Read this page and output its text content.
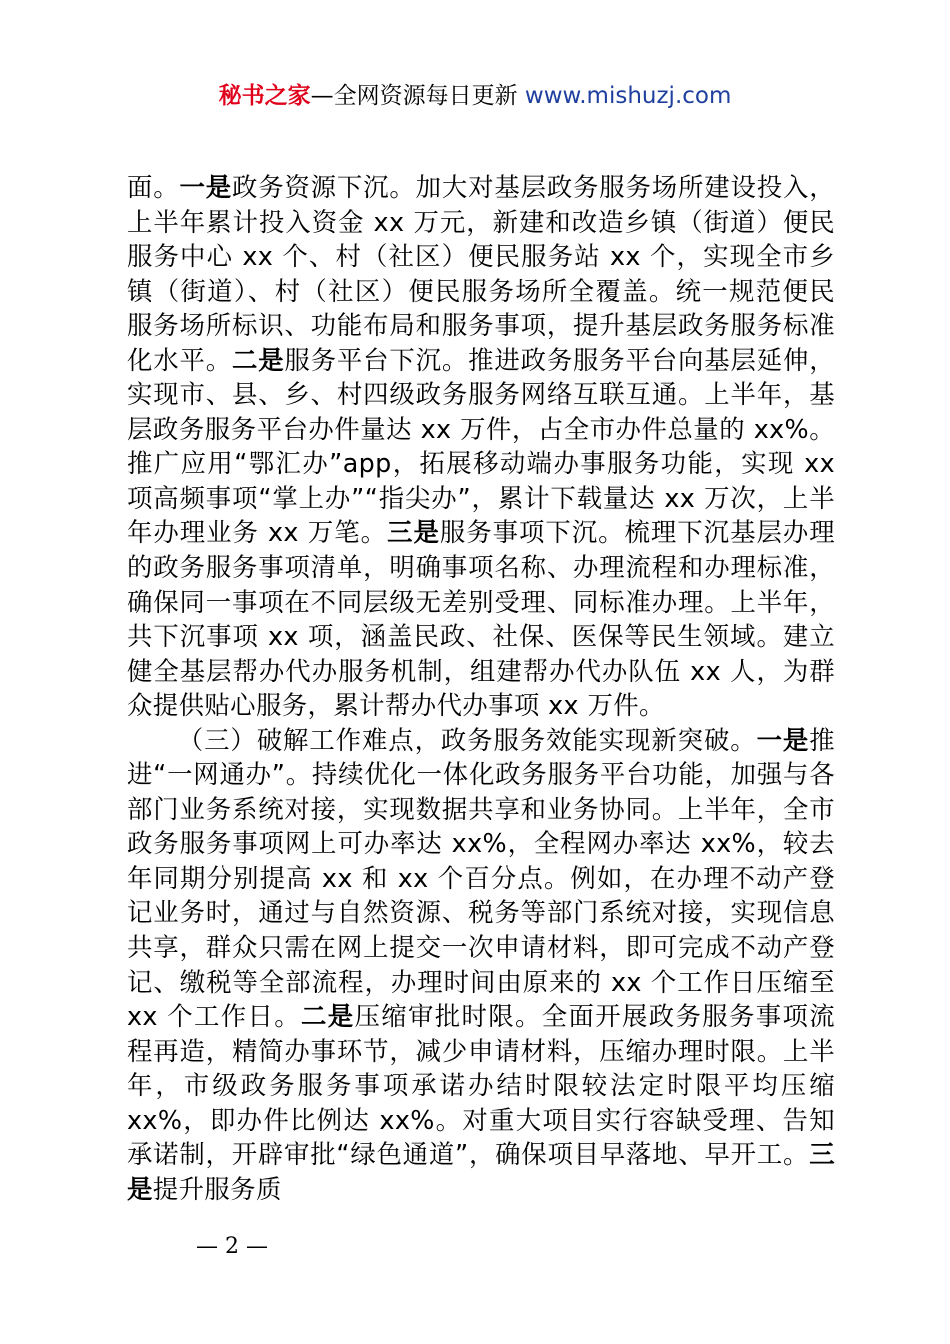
秘书之家—全网资源每日更新 www.mishuzj.com

面。一是政务资源下沉。加大对基层政务服务场所建设投入，上半年累计投入资金 xx 万元，新建和改造乡镇（街道）便民服务中心 xx 个、村（社区）便民服务站 xx 个，实现全市乡镇（街道）、村（社区）便民服务场所全覆盖。统一规范便民服务场所标识、功能布局和服务事项，提升基层政务服务标准化水平。二是服务平台下沉。推进政务服务平台向基层延伸，实现市、县、乡、村四级政务服务网络互联互通。上半年，基层政务服务平台办件量达 xx 万件，占全市办件总量的 xx%。推广应用“鄂汇办”app，拓展移动端办事服务功能，实现 xx 项高频事项“掌上办”“指尖办”，累计下载量达 xx 万次，上半年办理业务 xx 万笔。三是服务事项下沉。梳理下沉基层办理的政务服务事项清单，明确事项名称、办理流程和办理标准，确保同一事项在不同层级无差别受理、同标准办理。上半年，共下沉事项 xx 项，涵盖民政、社保、医保等民生领域。建立健全基层帮办代办服务机制，组建帮办代办队伍 xx 人，为群众提供贴心服务，累计帮办代办事项 xx 万件。

（三）破解工作难点，政务服务效能实现新突破。一是推进“一网通办”。持续优化一体化政务服务平台功能，加强与各部门业务系统对接，实现数据共享和业务协同。上半年，全市政务服务事项网上可办率达 xx%，全程网办率达 xx%，较去年同期分别提高 xx 和 xx 个百分点。例如，在办理不动产登记业务时，通过与自然资源、税务等部门系统对接，实现信息共享，群众只需在网上提交一次申请材料，即可完成不动产登记、缴税等全部流程，办理时间由原来的 xx 个工作日压缩至 xx 个工作日。二是压缩审批时限。全面开展政务服务事项流程再造，精简办事环节，减少申请材料，压缩办理时限。上半年，市级政务服务事项承诺办结时限较法定时限平均压缩 xx%，即办件比例达 xx%。对重大项目实行容缺受理、告知承诺制，开辟审批“绿色通道”，确保项目早落地、早开工。三是提升服务质

— 2 —
